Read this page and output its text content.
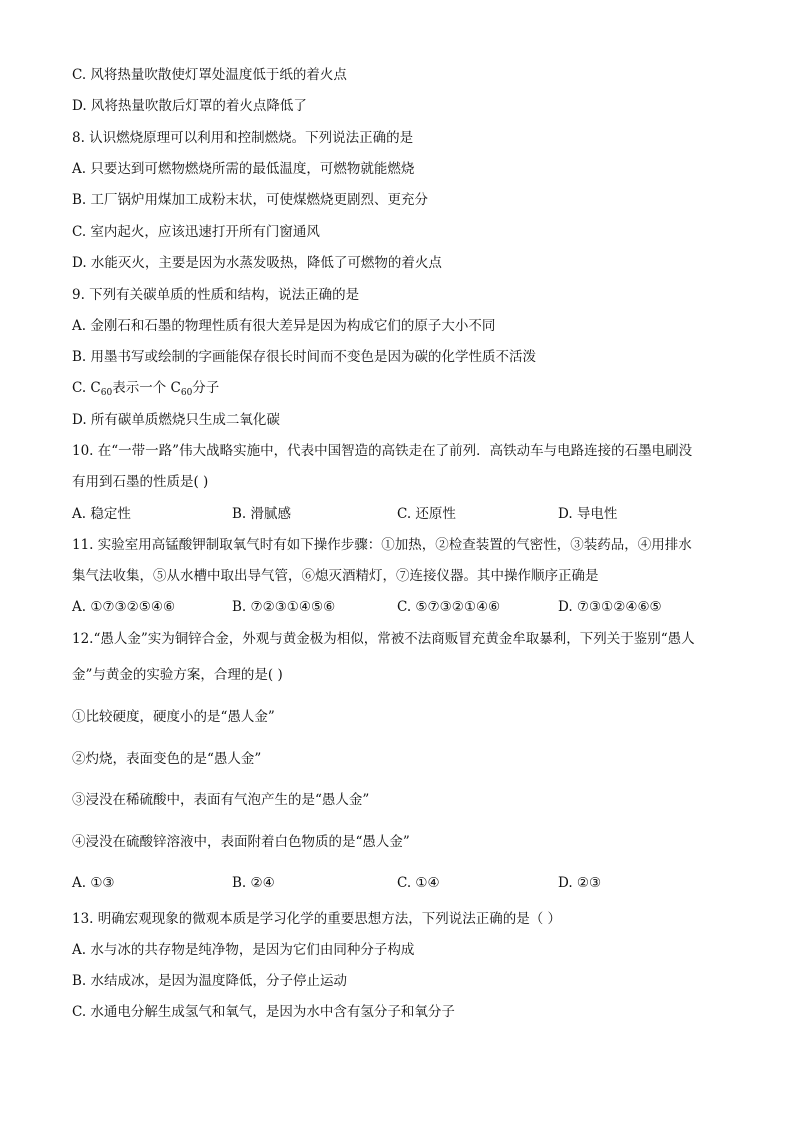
C. 风将热量吹散使灯罩处温度低于纸的着火点
D. 风将热量吹散后灯罩的着火点降低了
8. 认识燃烧原理可以利用和控制燃烧。下列说法正确的是
A. 只要达到可燃物燃烧所需的最低温度，可燃物就能燃烧
B. 工厂锅炉用煤加工成粉末状，可使煤燃烧更剧烈、更充分
C. 室内起火，应该迅速打开所有门窗通风
D. 水能灭火，主要是因为水蒸发吸热，降低了可燃物的着火点
9. 下列有关碳单质的性质和结构，说法正确的是
A. 金刚石和石墨的物理性质有很大差异是因为构成它们的原子大小不同
B. 用墨书写或绘制的字画能保存很长时间而不变色是因为碳的化学性质不活泼
C. $C_{60}$表示一个 $C_{60}$分子
D. 所有碳单质燃烧只生成二氧化碳
10. 在“一带一路”伟大战略实施中，代表中国智造的高铁走在了前列．高铁动车与电路连接的石墨电刷没
有用到石墨的性质是( )
A. 稳定性	B. 滑腻感	C. 还原性	D. 导电性
11. 实验室用高锰酸钾制取氧气时有如下操作步骤：①加热，②检查装置的气密性，③装药品，④用排水
集气法收集，⑤从水槽中取出导气管，⑥熄灭酒精灯，⑦连接仪器。其中操作顺序正确是
A. ①⑦③②⑤④⑥	B. ⑦②③①④⑤⑥	C. ⑤⑦③②①④⑥	D. ⑦③①②④⑥⑤
12.“愚人金”实为铜锌合金，外观与黄金极为相似，常被不法商贩冒充黄金牟取暴利，下列关于鉴别“愚人
金”与黄金的实验方案，合理的是( )
①比较硬度，硬度小的是“愚人金”
②灼烧，表面变色的是“愚人金”
③浸没在稀硫酸中，表面有气泡产生的是“愚人金”
④浸没在硫酸锌溶液中，表面附着白色物质的是“愚人金”
A. ①③	B. ②④	C. ①④	D. ②③
13. 明确宏观现象的微观本质是学习化学的重要思想方法，下列说法正确的是（ ）
A. 水与冰的共存物是纯净物，是因为它们由同种分子构成
B. 水结成冰，是因为温度降低，分子停止运动
C. 水通电分解生成氢气和氧气，是因为水中含有氢分子和氧分子
